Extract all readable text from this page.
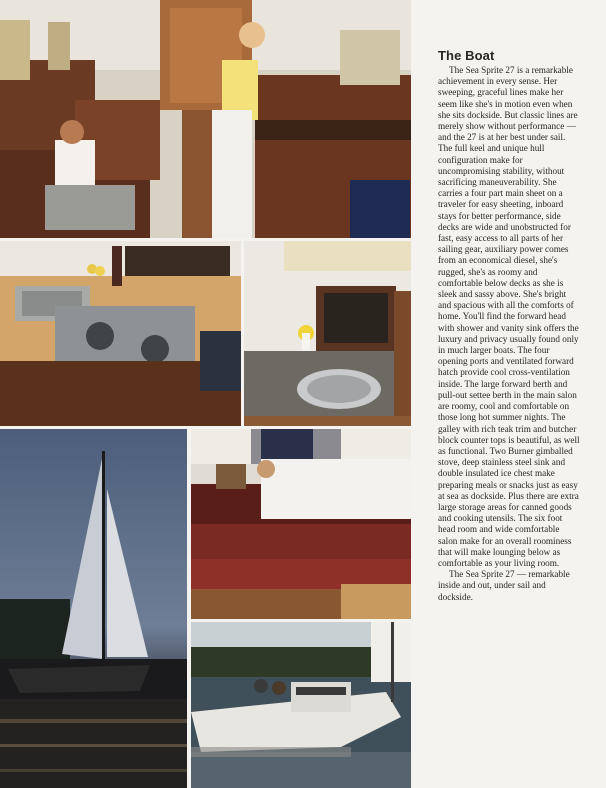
The Boat

The Sea Sprite 27 is a remarkable achievement in every sense. Her sweeping, graceful lines make her seem like she's in motion even when she sits dockside. But classic lines are merely show without performance — and the 27 is at her best under sail. The full keel and unique hull configuration make for uncompromising stability, without sacrificing maneuverability. She carries a four part main sheet on a traveler for easy sheeting, inboard stays for better performance, side decks are wide and unobstructed for fast, easy access to all parts of her sailing gear, auxiliary power comes from an economical diesel, she's rugged, she's as roomy and comfortable below decks as she is sleek and sassy above. She's bright and spacious with all the comforts of home. You'll find the forward head with shower and vanity sink offers the luxury and privacy usually found only in much larger boats. The four opening ports and ventilated forward hatch provide cool cross-ventilation inside. The large forward berth and pull-out settee berth in the main salon are roomy, cool and comfortable on those long hot summer nights. The galley with rich teak trim and butcher block counter tops is beautiful, as well as functional. Two Burner gimballed stove, deep stainless steel sink and double insulated ice chest make preparing meals or snacks just as easy at sea as dockside. Plus there are extra large storage areas for canned goods and cooking utensils. The six foot head room and wide comfortable salon make for an overall roominess that will make lounging below as comfortable as your living room.

The Sea Sprite 27 — remarkable inside and out, under sail and dockside.
